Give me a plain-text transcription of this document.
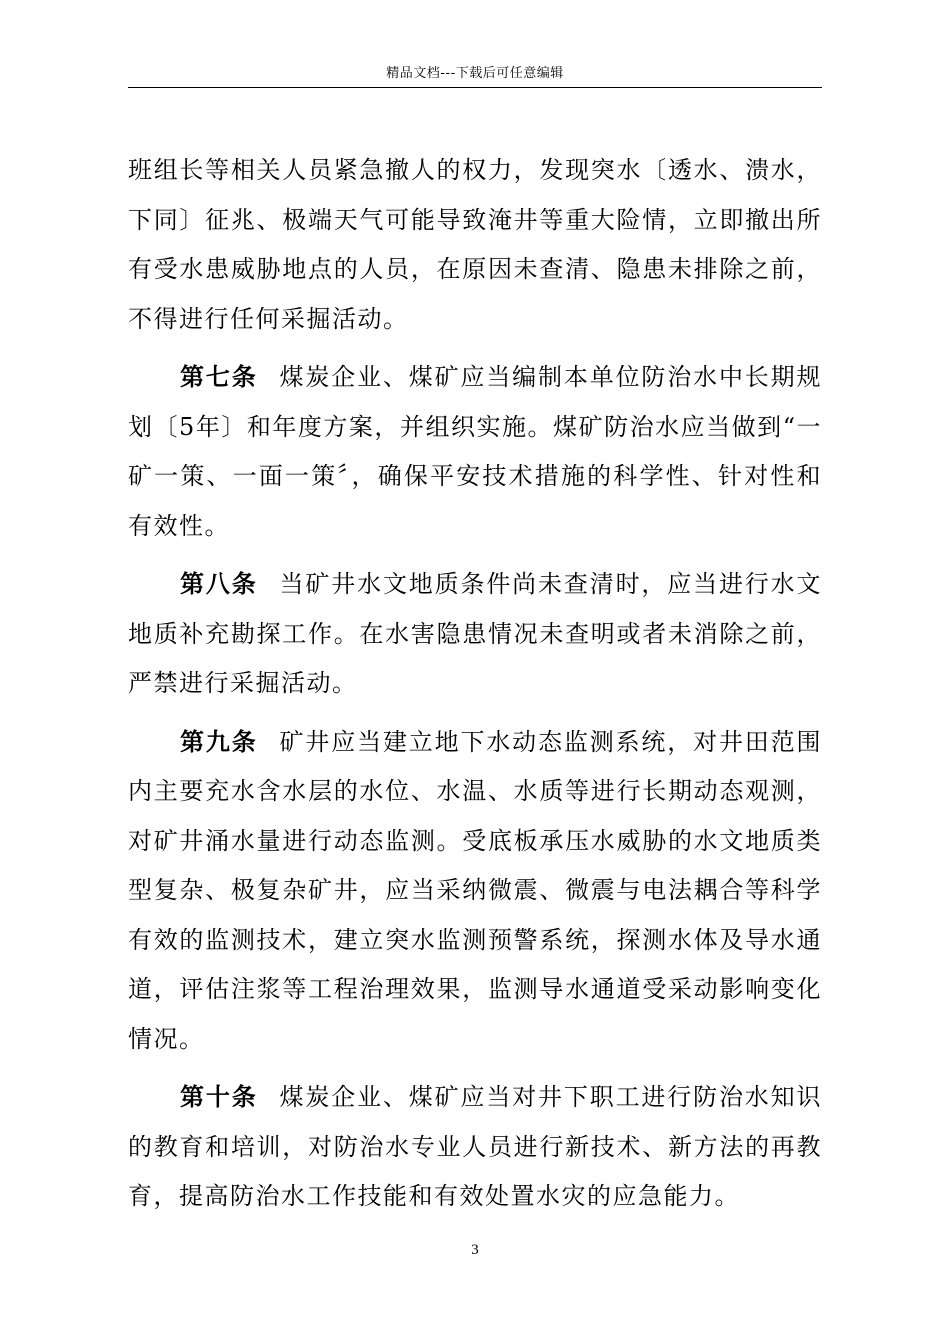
精品文档---下载后可任意编辑

班组长等相关人员紧急撤人的权力，发现突水〔透水、溃水，下同〕征兆、极端天气可能导致淹井等重大险情，立即撤出所有受水患威胁地点的人员，在原因未查清、隐患未排除之前，不得进行任何采掘活动。

第七条 煤炭企业、煤矿应当编制本单位防治水中长期规划〔5年〕和年度方案，并组织实施。煤矿防治水应当做到“一矿一策、一面一策〞，确保平安技术措施的科学性、针对性和有效性。

第八条 当矿井水文地质条件尚未查清时，应当进行水文地质补充勘探工作。在水害隐患情况未查明或者未消除之前，严禁进行采掘活动。

第九条 矿井应当建立地下水动态监测系统，对井田范围内主要充水含水层的水位、水温、水质等进行长期动态观测，对矿井涌水量进行动态监测。受底板承压水威胁的水文地质类型复杂、极复杂矿井，应当采纳微震、微震与电法耦合等科学有效的监测技术，建立突水监测预警系统，探测水体及导水通道，评估注浆等工程治理效果，监测导水通道受采动影响变化情况。

第十条 煤炭企业、煤矿应当对井下职工进行防治水知识的教育和培训，对防治水专业人员进行新技术、新方法的再教育，提高防治水工作技能和有效处置水灾的应急能力。

3
